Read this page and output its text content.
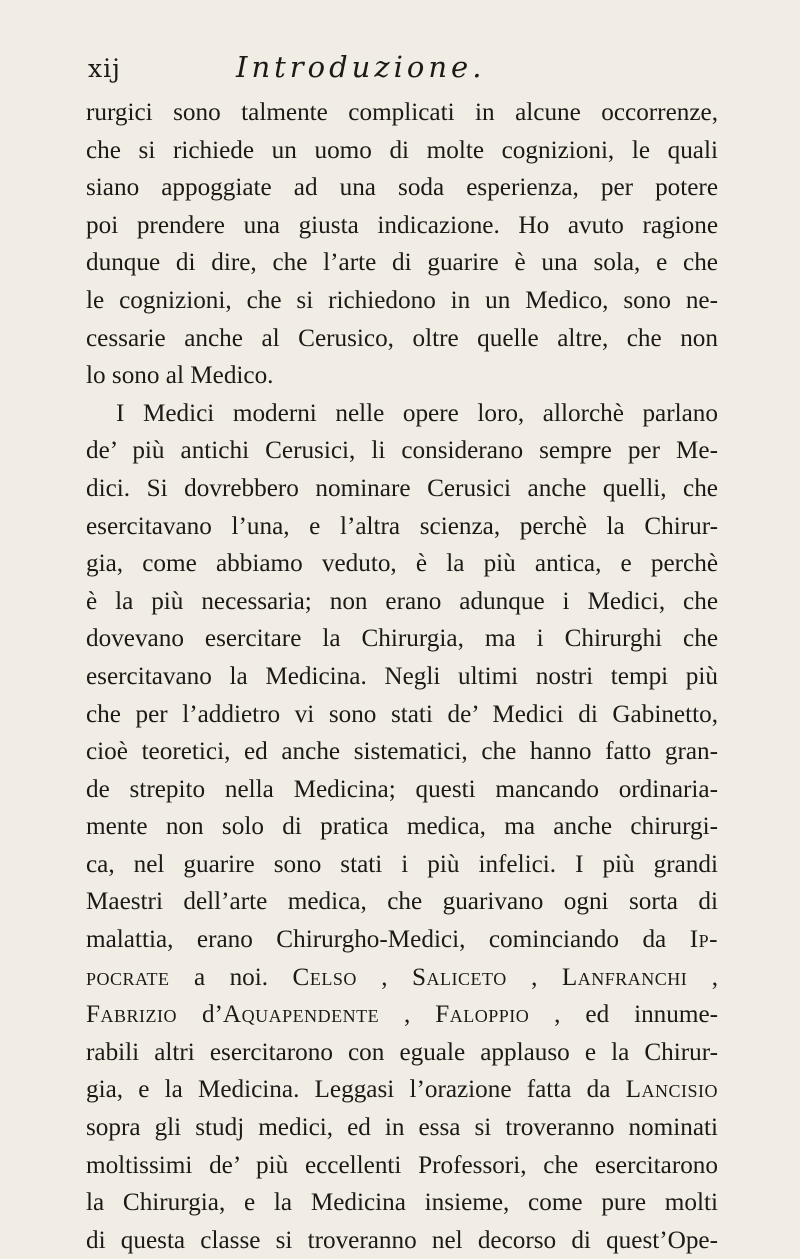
xij	Introduzione.
rurgici sono talmente complicati in alcune occorrenze,
che si richiede un uomo di molte cognizioni, le quali
siano appoggiate ad una soda esperienza, per potere
poi prendere una giusta indicazione. Ho avuto ragione
dunque di dire, che l’arte di guarire è una sola, e che
le cognizioni, che si richiedono in un Medico, sono ne-
cessarie anche al Cerusico, oltre quelle altre, che non
lo sono al Medico.
I Medici moderni nelle opere loro, allorchè parlano
de’ più antichi Cerusici, li considerano sempre per Me-
dici. Si dovrebbero nominare Cerusici anche quelli, che
esercitavano l’una, e l’altra scienza, perchè la Chirur-
gia, come abbiamo veduto, è la più antica, e perchè
è la più necessaria; non erano adunque i Medici, che
dovevano esercitare la Chirurgia, ma i Chirurghi che
esercitavano la Medicina. Negli ultimi nostri tempi più
che per l’addietro vi sono stati de’ Medici di Gabinetto,
cioè teoretici, ed anche sistematici, che hanno fatto gran-
de strepito nella Medicina; questi mancando ordinaria-
mente non solo di pratica medica, ma anche chirurgi-
ca, nel guarire sono stati i più infelici. I più grandi
Maestri dell’arte medica, che guarivano ogni sorta di
malattia, erano Chirurgho-Medici, cominciando da Ip-
pocrate a noi. Celso , Saliceto , Lanfranchi ,
Fabrizio d’Aquapendente , Faloppio , ed innume-
rabili altri esercitarono con eguale applauso e la Chirur-
gia, e la Medicina. Leggasi l’orazione fatta da Lancisio
sopra gli studj medici, ed in essa si troveranno nominati
moltissimi de’ più eccellenti Professori, che esercitarono
la Chirurgia, e la Medicina insieme, come pure molti
di questa classe si troveranno nel decorso di quest’Ope-
